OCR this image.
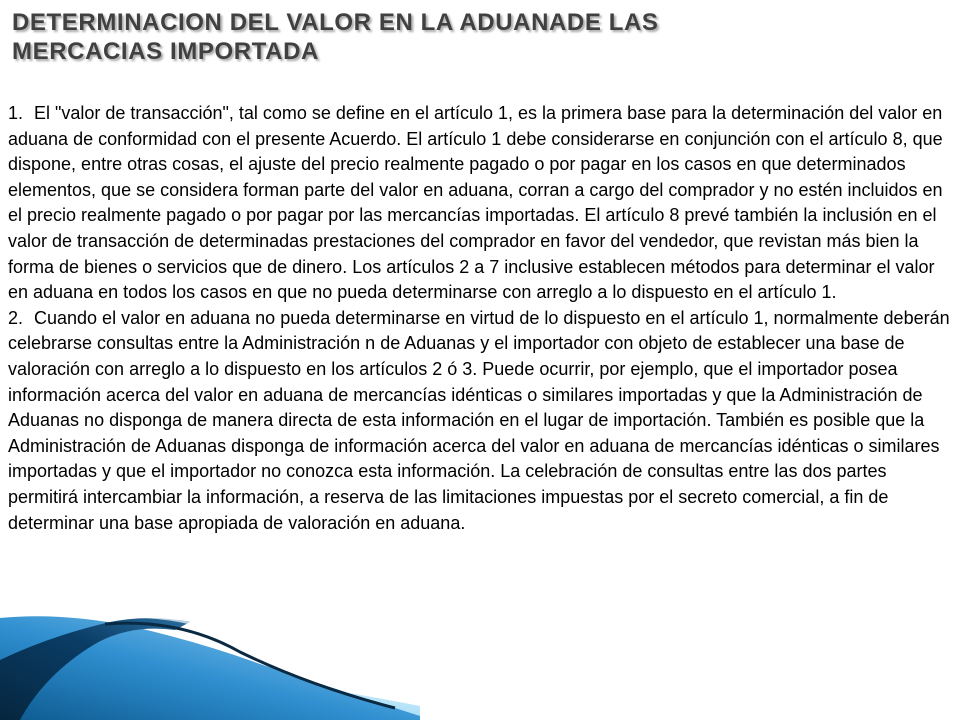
DETERMINACION DEL VALOR EN LA ADUANADE LAS
MERCACIAS IMPORTADA

1. El "valor de transacción", tal como se define en el artículo 1, es la primera base para la determinación del valor en aduana de conformidad con el presente Acuerdo. El artículo 1 debe considerarse en conjunción con el artículo 8, que dispone, entre otras cosas, el ajuste del precio realmente pagado o por pagar en los casos en que determinados elementos, que se considera forman parte del valor en aduana, corran a cargo del comprador y no estén incluidos en el precio realmente pagado o por pagar por las mercancías importadas. El artículo 8 prevé también la inclusión en el valor de transacción de determinadas prestaciones del comprador en favor del vendedor, que revistan más bien la forma de bienes o servicios que de dinero. Los artículos 2 a 7 inclusive establecen métodos para determinar el valor en aduana en todos los casos en que no pueda determinarse con arreglo a lo dispuesto en el artículo 1.

2. Cuando el valor en aduana no pueda determinarse en virtud de lo dispuesto en el artículo 1, normalmente deberán celebrarse consultas entre la Administración n de Aduanas y el importador con objeto de establecer una base de valoración con arreglo a lo dispuesto en los artículos 2 ó 3. Puede ocurrir, por ejemplo, que el importador posea información acerca del valor en aduana de mercancías idénticas o similares importadas y que la Administración de Aduanas no disponga de manera directa de esta información en el lugar de importación. También es posible que la Administración de Aduanas disponga de información acerca del valor en aduana de mercancías idénticas o similares importadas y que el importador no conozca esta información. La celebración de consultas entre las dos partes permitirá intercambiar la información, a reserva de las limitaciones impuestas por el secreto comercial, a fin de determinar una base apropiada de valoración en aduana.
